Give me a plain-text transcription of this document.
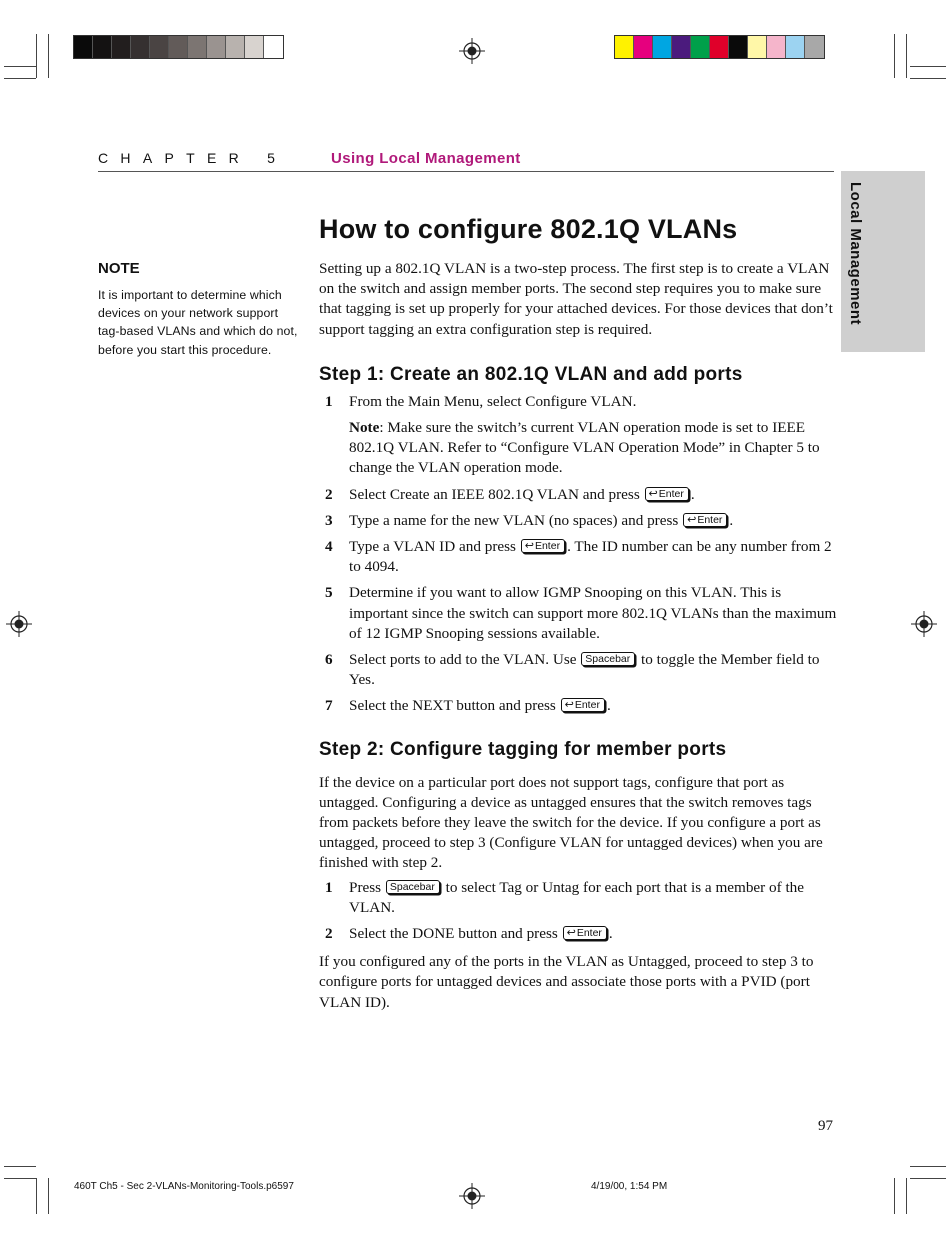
CHAPTER 5	Using Local Management
Local Management
NOTE
It is important to determine which devices on your network support tag-based VLANs and which do not, before you start this procedure.
How to configure 802.1Q VLANs

Setting up a 802.1Q VLAN is a two-step process. The first step is to create a VLAN on the switch and assign member ports. The second step requires you to make sure that tagging is set up properly for your attached devices. For those devices that don’t support tagging an extra configuration step is required.

Step 1: Create an 802.1Q VLAN and add ports
1 From the Main Menu, select Configure VLAN.

Note: Make sure the switch’s current VLAN operation mode is set to IEEE 802.1Q VLAN. Refer to “Configure VLAN Operation Mode” in Chapter 5 to change the VLAN operation mode.

2 Select Create an IEEE 802.1Q VLAN and press ↩Enter .
3 Type a name for the new VLAN (no spaces) and press ↩Enter .
4 Type a VLAN ID and press ↩Enter . The ID number can be any number from 2 to 4094.
5 Determine if you want to allow IGMP Snooping on this VLAN. This is important since the switch can support more 802.1Q VLANs than the maximum of 12 IGMP Snooping sessions available.
6 Select ports to add to the VLAN. Use Spacebar to toggle the Member field to Yes.
7 Select the NEXT button and press ↩Enter .
Step 2: Configure tagging for member ports

If the device on a particular port does not support tags, configure that port as untagged. Configuring a device as untagged ensures that the switch removes tags from packets before they leave the switch for the device. If you configure a port as untagged, proceed to step 3 (Configure VLAN for untagged devices) when you are finished with step 2.

1 Press Spacebar to select Tag or Untag for each port that is a member of the VLAN.
2 Select the DONE button and press ↩Enter .

If you configured any of the ports in the VLAN as Untagged, proceed to step 3 to configure ports for untagged devices and associate those ports with a PVID (port VLAN ID).

97
460T Ch5 - Sec 2-VLANs-Monitoring-Tools.p6597	4/19/00, 1:54 PM
